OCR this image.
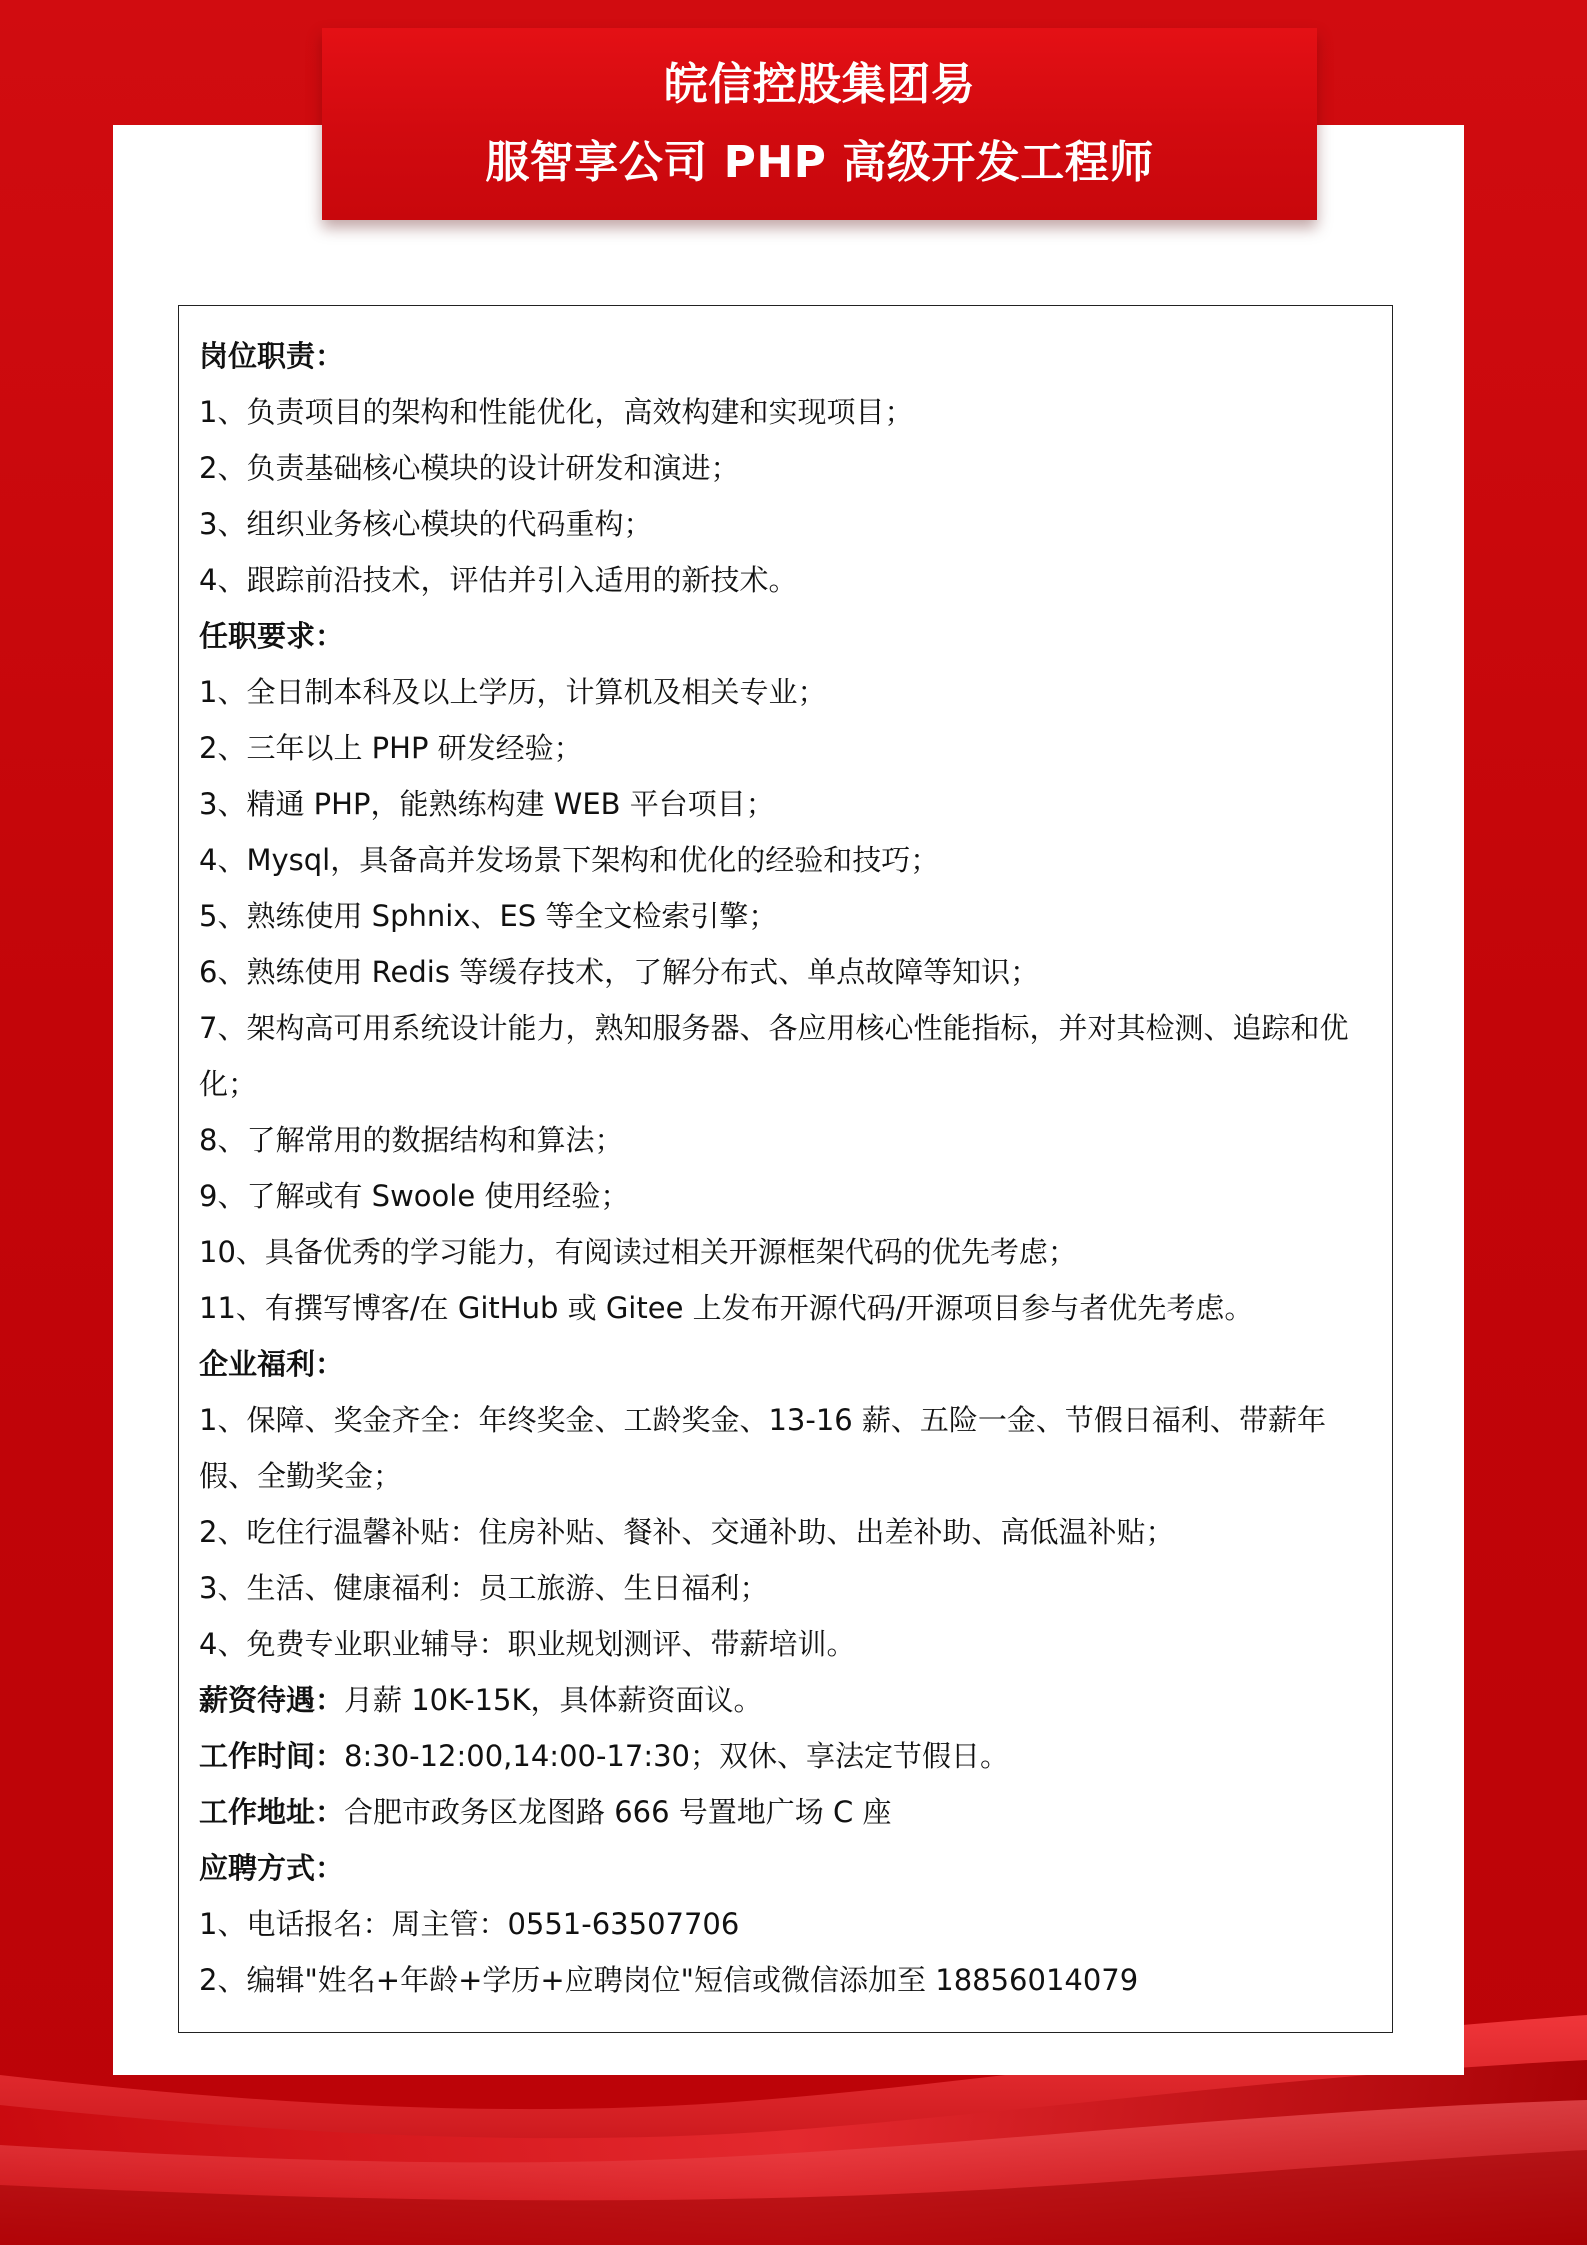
皖信控股集团易
服智享公司 PHP 高级开发工程师
岗位职责：
1、负责项目的架构和性能优化，高效构建和实现项目；
2、负责基础核心模块的设计研发和演进；
3、组织业务核心模块的代码重构；
4、跟踪前沿技术，评估并引入适用的新技术。
任职要求：
1、全日制本科及以上学历，计算机及相关专业；
2、三年以上 PHP 研发经验；
3、精通 PHP，能熟练构建 WEB 平台项目；
4、Mysql，具备高并发场景下架构和优化的经验和技巧；
5、熟练使用 Sphnix、ES 等全文检索引擎；
6、熟练使用 Redis 等缓存技术，了解分布式、单点故障等知识；
7、架构高可用系统设计能力，熟知服务器、各应用核心性能指标，并对其检测、追踪和优化；
8、了解常用的数据结构和算法；
9、了解或有 Swoole 使用经验；
10、具备优秀的学习能力，有阅读过相关开源框架代码的优先考虑；
11、有撰写博客/在 GitHub 或 Gitee 上发布开源代码/开源项目参与者优先考虑。
企业福利：
1、保障、奖金齐全：年终奖金、工龄奖金、13-16 薪、五险一金、节假日福利、带薪年假、全勤奖金；
2、吃住行温馨补贴：住房补贴、餐补、交通补助、出差补助、高低温补贴；
3、生活、健康福利：员工旅游、生日福利；
4、免费专业职业辅导：职业规划测评、带薪培训。
薪资待遇：月薪 10K-15K，具体薪资面议。
工作时间：8:30-12:00,14:00-17:30；双休、享法定节假日。
工作地址：合肥市政务区龙图路 666 号置地广场 C 座
应聘方式：
1、电话报名：周主管：0551-63507706
2、编辑"姓名+年龄+学历+应聘岗位"短信或微信添加至 18856014079
